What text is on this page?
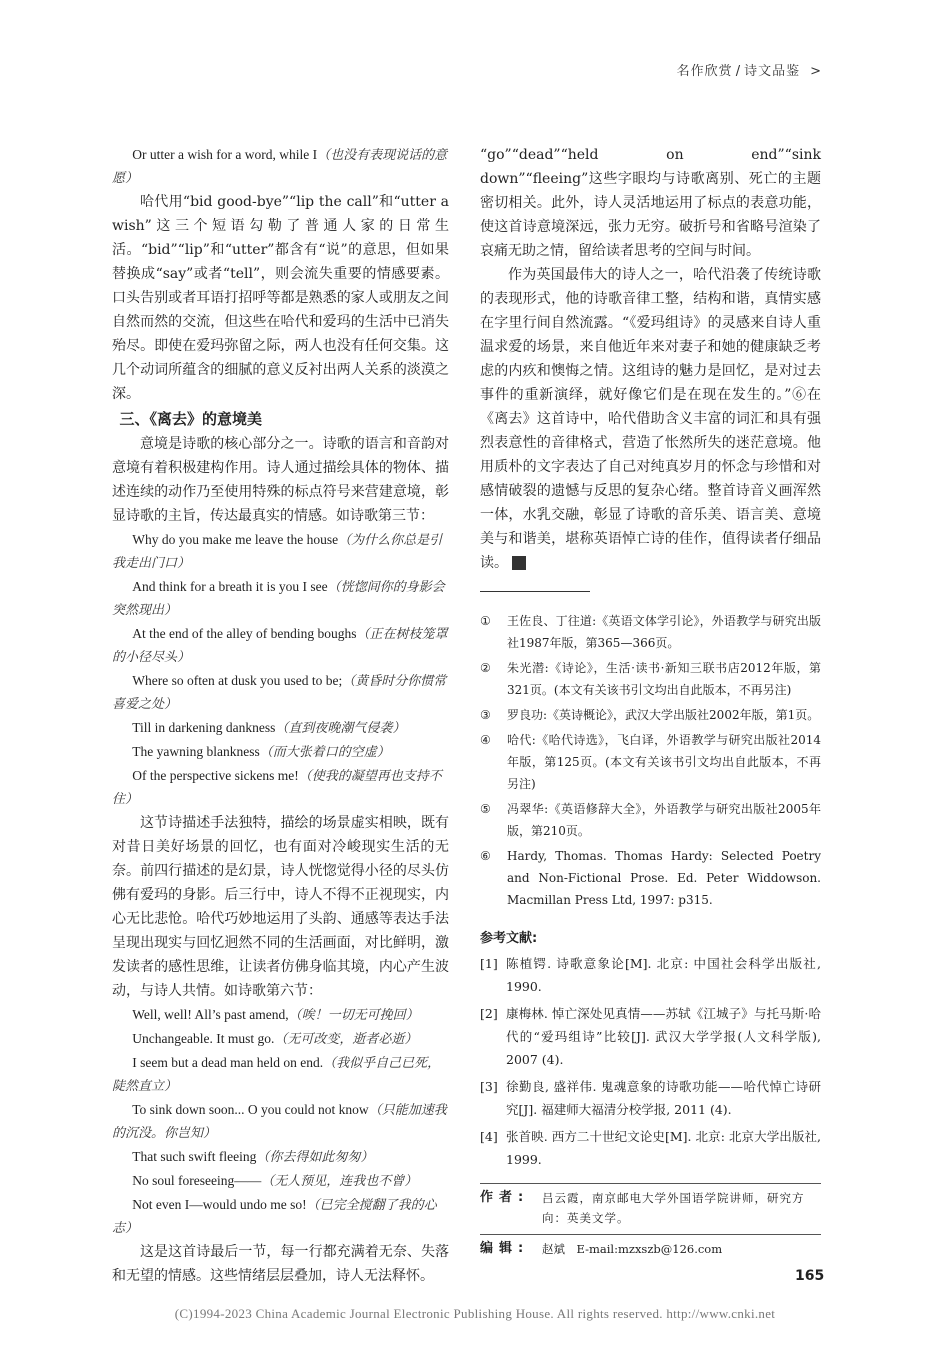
名作欣赏 / 诗文品鉴 >

Or utter a wish for a word, while I（也没有表现说话的意愿）

哈代用“bid good-bye”“lip the call”和“utter a wish”这三个短语勾勒了普通人家的日常生活。“bid”“lip”和“utter”都含有“说”的意思，但如果替换成“say”或者“tell”，则会流失重要的情感要素。口头告别或者耳语打招呼等都是熟悉的家人或朋友之间自然而然的交流，但这些在哈代和爱玛的生活中已消失殆尽。即使在爱玛弥留之际，两人也没有任何交集。这几个动词所蕴含的细腻的意义反衬出两人关系的淡漠之深。

三、《离去》的意境美

意境是诗歌的核心部分之一。诗歌的语言和音韵对意境有着积极建构作用。诗人通过描绘具体的物体、描述连续的动作乃至使用特殊的标点符号来营建意境，彰显诗歌的主旨，传达最真实的情感。如诗歌第三节：

Why do you make me leave the house（为什么你总是引我走出门口）

And think for a breath it is you I see（恍惚间你的身影会突然现出）

At the end of the alley of bending boughs（正在树枝笼罩的小径尽头）

Where so often at dusk you used to be;（黄昏时分你惯常喜爱之处）

Till in darkening dankness（直到夜晚潮气侵袭）

The yawning blankness（而大张着口的空虚）

Of the perspective sickens me!（使我的凝望再也支持不住）

这节诗描述手法独特，描绘的场景虚实相映，既有对昔日美好场景的回忆，也有面对冷峻现实生活的无奈。前四行描述的是幻景，诗人恍惚觉得小径的尽头仿佛有爱玛的身影。后三行中，诗人不得不正视现实，内心无比悲怆。哈代巧妙地运用了头韵、通感等表达手法呈现出现实与回忆迥然不同的生活画面，对比鲜明，激发读者的感性思维，让读者仿佛身临其境，内心产生波动，与诗人共情。如诗歌第六节：

Well, well! All’s past amend,（唉！一切无可挽回）

Unchangeable. It must go.（无可改变，逝者必逝）

I seem but a dead man held on end.（我似乎自己已死，陡然直立）

To sink down soon... O you could not know（只能加速我的沉没。你岂知）

That such swift fleeing（你去得如此匆匆）

No soul foreseeing——（无人预见，连我也不曾）

Not even I—would undo me so!（已完全搅翻了我的心志）

这是这首诗最后一节，每一行都充满着无奈、失落和无望的情感。这些情绪层层叠加，诗人无法释怀。

“go”“dead”“held on end”“sink down”“fleeing”这些字眼均与诗歌离别、死亡的主题密切相关。此外，诗人灵活地运用了标点的表意功能，使这首诗意境深远，张力无穷。破折号和省略号渲染了哀痛无助之情，留给读者思考的空间与时间。

作为英国最伟大的诗人之一，哈代沿袭了传统诗歌的表现形式，他的诗歌音律工整，结构和谐，真情实感在字里行间自然流露。“《爱玛组诗》的灵感来自诗人重温求爱的场景，来自他近年来对妻子和她的健康缺乏考虑的内疚和懊悔之情。这组诗的魅力是回忆，是对过去事件的重新演绎，就好像它们是在现在发生的。”⑥在《离去》这首诗中，哈代借助含义丰富的词汇和具有强烈表意性的音律格式，营造了怅然所失的迷茫意境。他用质朴的文字表达了自己对纯真岁月的怀念与珍惜和对感情破裂的遗憾与反思的复杂心绪。整首诗音义画浑然一体，水乳交融，彰显了诗歌的音乐美、语言美、意境美与和谐美，堪称英语悼亡诗的佳作，值得读者仔细品读。	Z

①	王佐良、丁往道:《英语文体学引论》，外语教学与研究出版社1987年版，第365—366页。
②	朱光潜:《诗论》，生活·读书·新知三联书店2012年版，第321页。(本文有关该书引文均出自此版本，不再另注)
③	罗良功:《英诗概论》，武汉大学出版社2002年版，第1页。
④	哈代:《哈代诗选》，飞白译，外语教学与研究出版社2014年版，第125页。(本文有关该书引文均出自此版本，不再另注)
⑤	冯翠华:《英语修辞大全》，外语教学与研究出版社2005年版，第210页。
⑥	Hardy, Thomas. Thomas Hardy: Selected Poetry and Non-Fictional Prose. Ed. Peter Widdowson. Macmillan Press Ltd, 1997: p315.
参考文献:
[1] 陈植锷. 诗歌意象论[M]. 北京: 中国社会科学出版社, 1990.
[2] 康梅林. 悼亡深处见真情——苏轼《江城子》与托马斯·哈代的“爱玛组诗”比较[J]. 武汉大学学报(人文科学版), 2007 (4).
[3] 徐勤良, 盛祥伟. 鬼魂意象的诗歌功能——哈代悼亡诗研究[J]. 福建师大福清分校学报, 2011 (4).
[4] 张首映. 西方二十世纪文论史[M]. 北京: 北京大学出版社, 1999.
作者:	吕云霞，南京邮电大学外国语学院讲师，研究方向：英美文学。
编辑:	赵斌　E-mail:mzxszb@126.com
165
(C)1994-2023 China Academic Journal Electronic Publishing House. All rights reserved. http://www.cnki.net
